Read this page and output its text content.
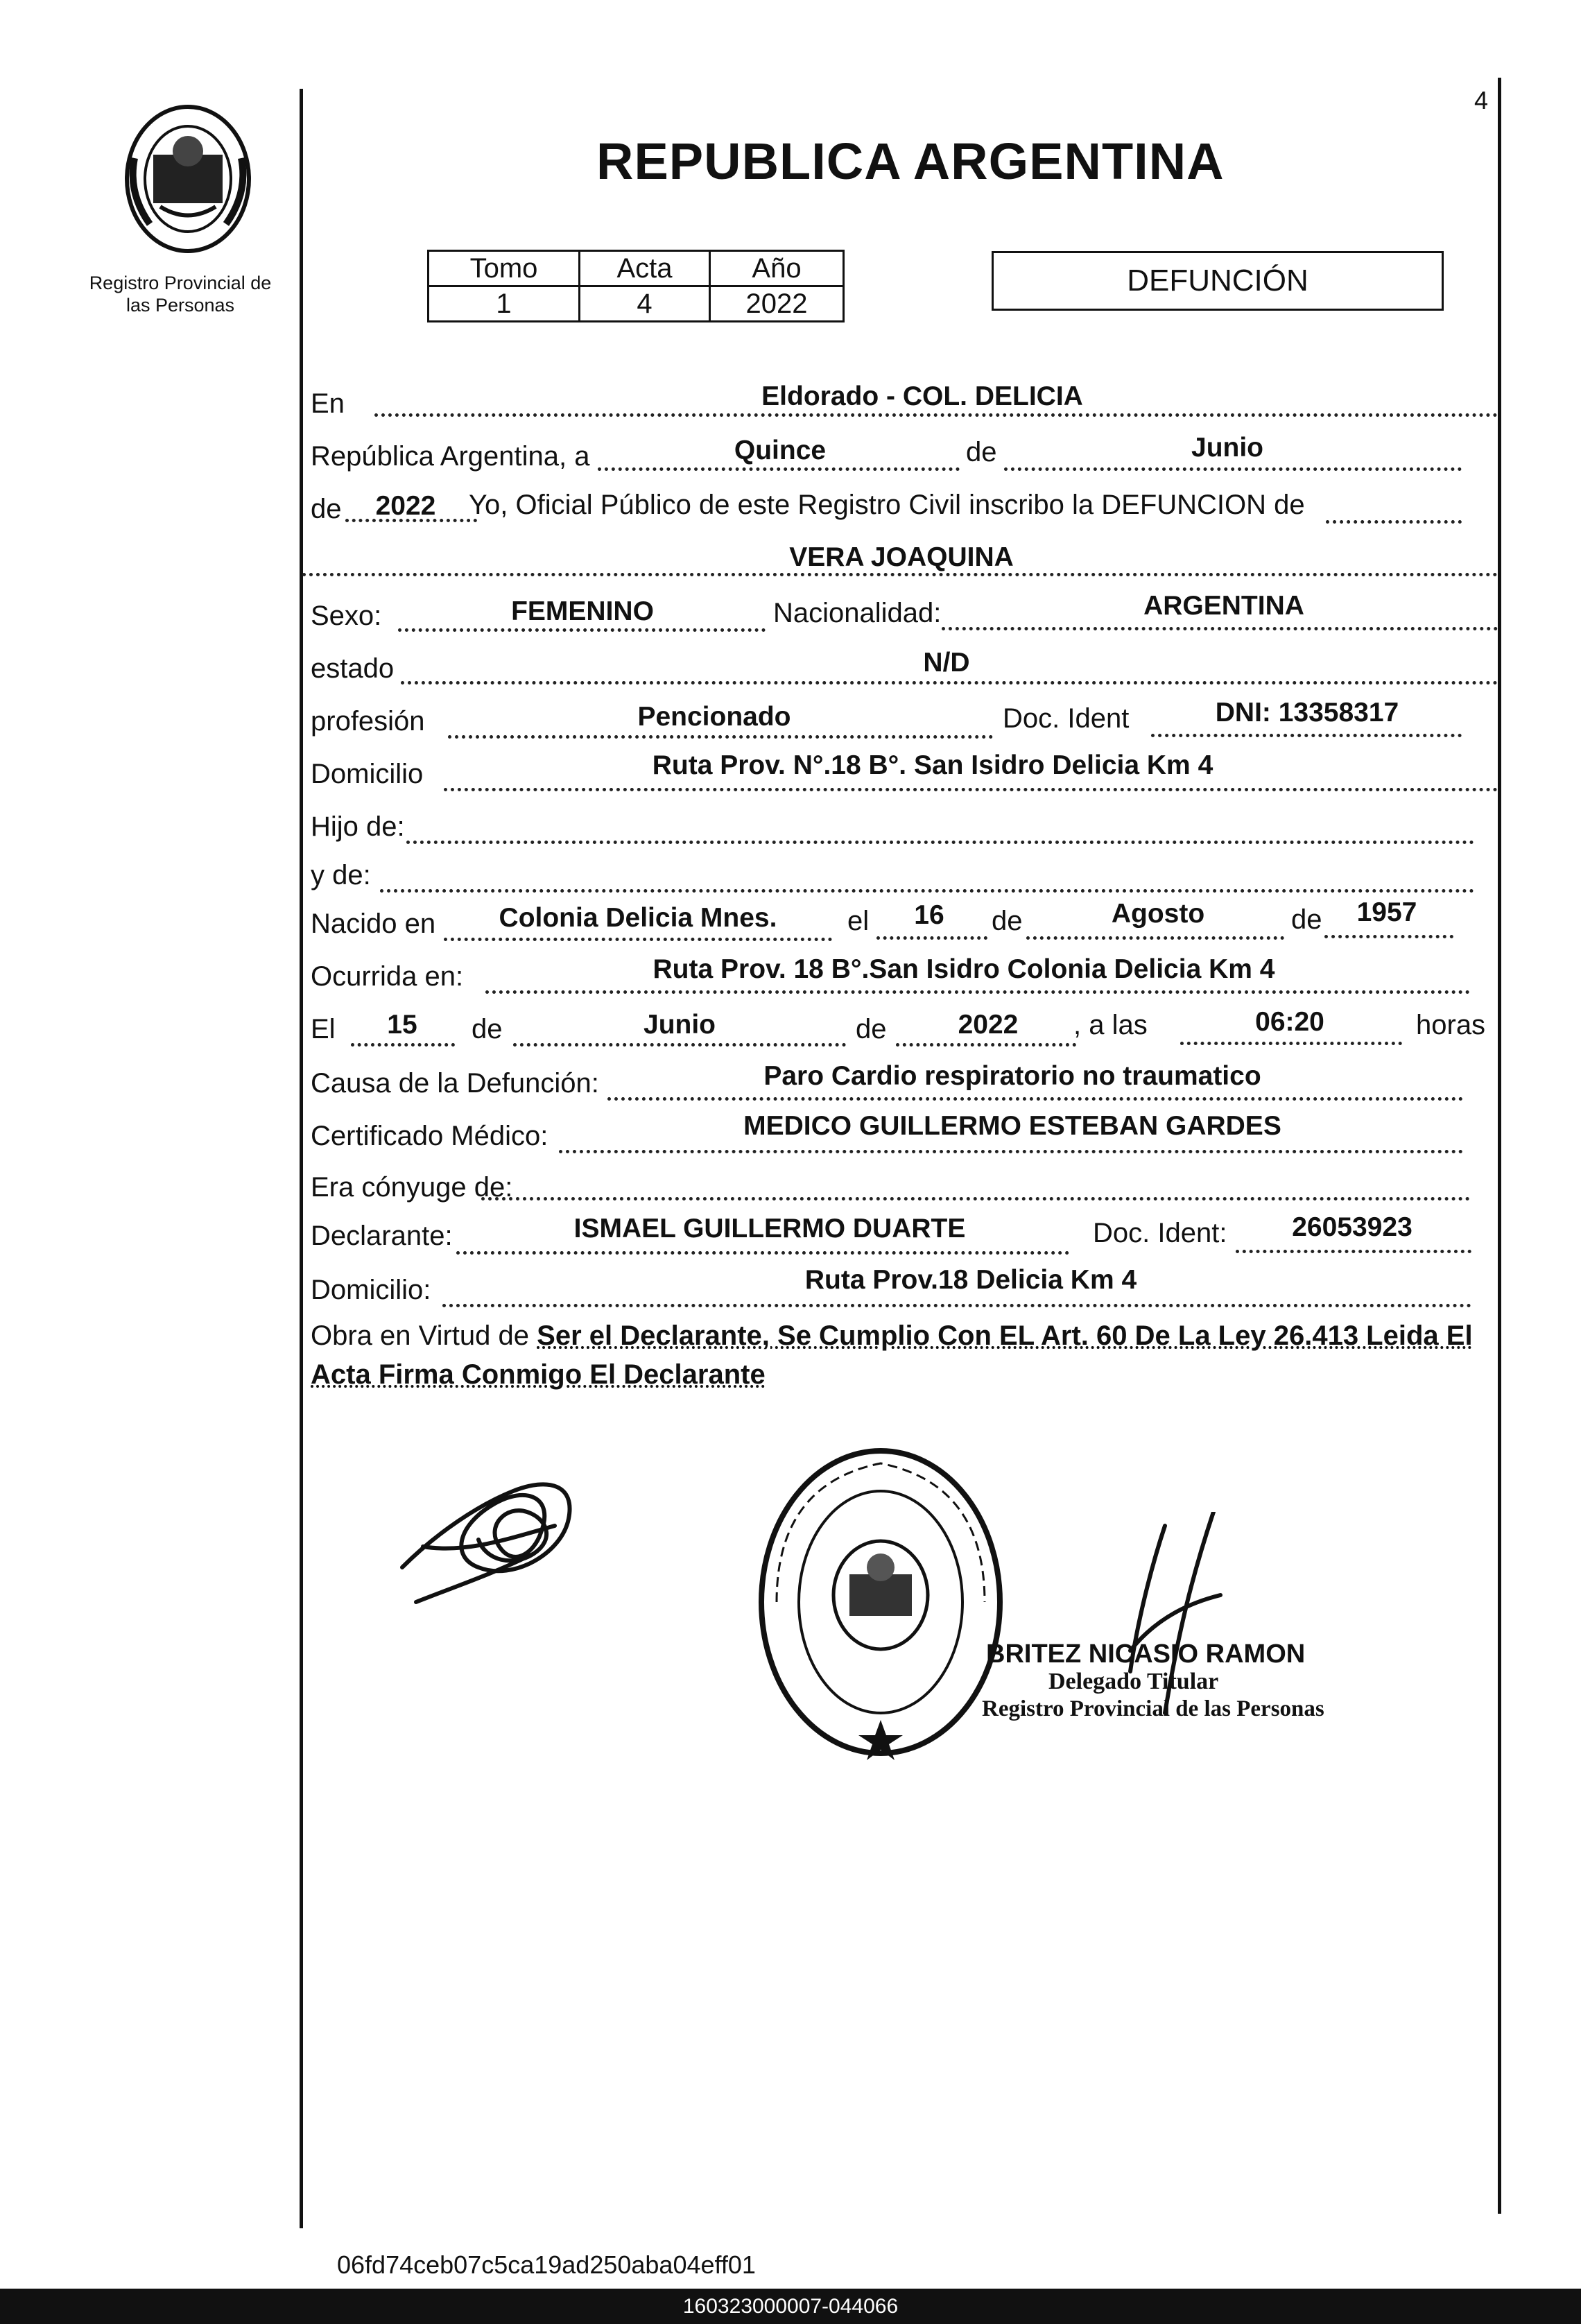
4
Registro Provincial de las Personas
REPUBLICA ARGENTINA
Tomo	Acta	Año
1	4	2022
DEFUNCIÓN
En	Eldorado - COL. DELICIA
República Argentina, a	Quince	de	Junio
de	2022	Yo, Oficial Público de este Registro Civil inscribo la DEFUNCION de
VERA JOAQUINA
Sexo:	FEMENINO	Nacionalidad:	ARGENTINA
estado	N/D
profesión	Pencionado	Doc. Ident	DNI: 13358317
Domicilio	Ruta Prov. N°.18 B°. San Isidro Delicia Km 4
Hijo de:
y de:
Nacido en	Colonia Delicia Mnes.	el	16	de	Agosto	de	1957
Ocurrida en:	Ruta Prov. 18 B°.San Isidro Colonia Delicia Km 4
El	15	de	Junio	de	2022	, a las	06:20	horas
Causa de la Defunción:	Paro Cardio respiratorio no traumatico
Certificado Médico:	MEDICO GUILLERMO ESTEBAN GARDES
Era cónyuge de:
Declarante:	ISMAEL GUILLERMO DUARTE	Doc. Ident:	26053923
Domicilio:	Ruta Prov.18 Delicia Km 4
Obra en Virtud de Ser el Declarante, Se Cumplio Con EL Art. 60 De La Ley 26.413 Leida El
Acta Firma Conmigo El Declarante
BRITEZ NICASIO RAMON
Delegado Titular
Registro Provincial de las Personas
06fd74ceb07c5ca19ad250aba04eff01
160323000007-044066
